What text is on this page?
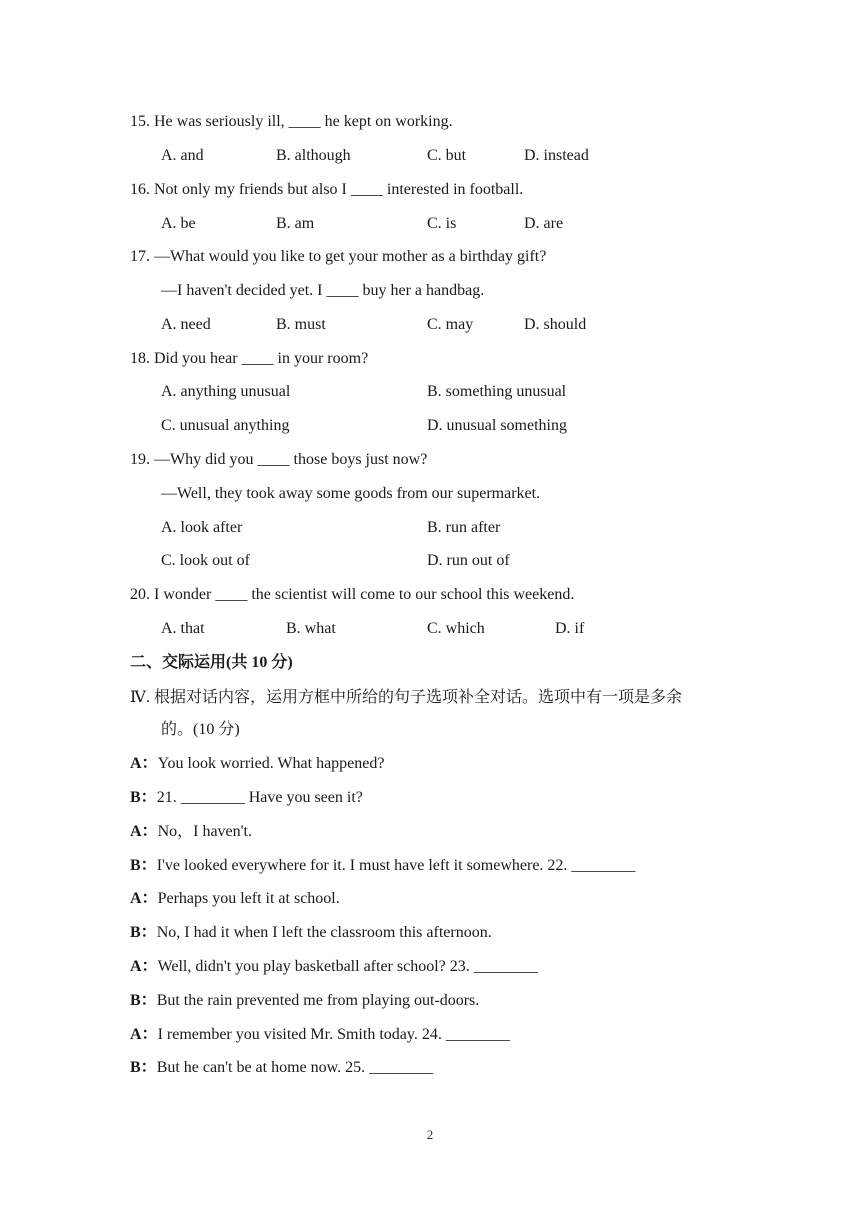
15. He was seriously ill, ____ he kept on working.
A. and	B. although	C. but	D. instead
16. Not only my friends but also I ____ interested in football.
A. be	B. am	C. is	D. are
17. —What would you like to get your mother as a birthday gift?
—I haven't decided yet. I ____ buy her a handbag.
A. need	B. must	C. may	D. should
18. Did you hear ____ in your room?
A. anything unusual	B. something unusual
C. unusual anything	D. unusual something
19. —Why did you ____ those boys just now?
—Well, they took away some goods from our supermarket.
A. look after	B. run after
C. look out of	D. run out of
20. I wonder ____ the scientist will come to our school this weekend.
A. that	B. what	C. which	D. if
二、交际运用(共 10 分)
Ⅳ. 根据对话内容，运用方框中所给的句子选项补全对话。选项中有一项是多余
的。(10 分)
A：You look worried. What happened?
B：21. ________ Have you seen it?
A：No，I haven't.
B：I've looked everywhere for it. I must have left it somewhere. 22. ________
A：Perhaps you left it at school.
B：No, I had it when I left the classroom this afternoon.
A：Well, didn't you play basketball after school? 23. ________
B：But the rain prevented me from playing out-doors.
A：I remember you visited Mr. Smith today. 24. ________
B：But he can't be at home now. 25. ________
2
